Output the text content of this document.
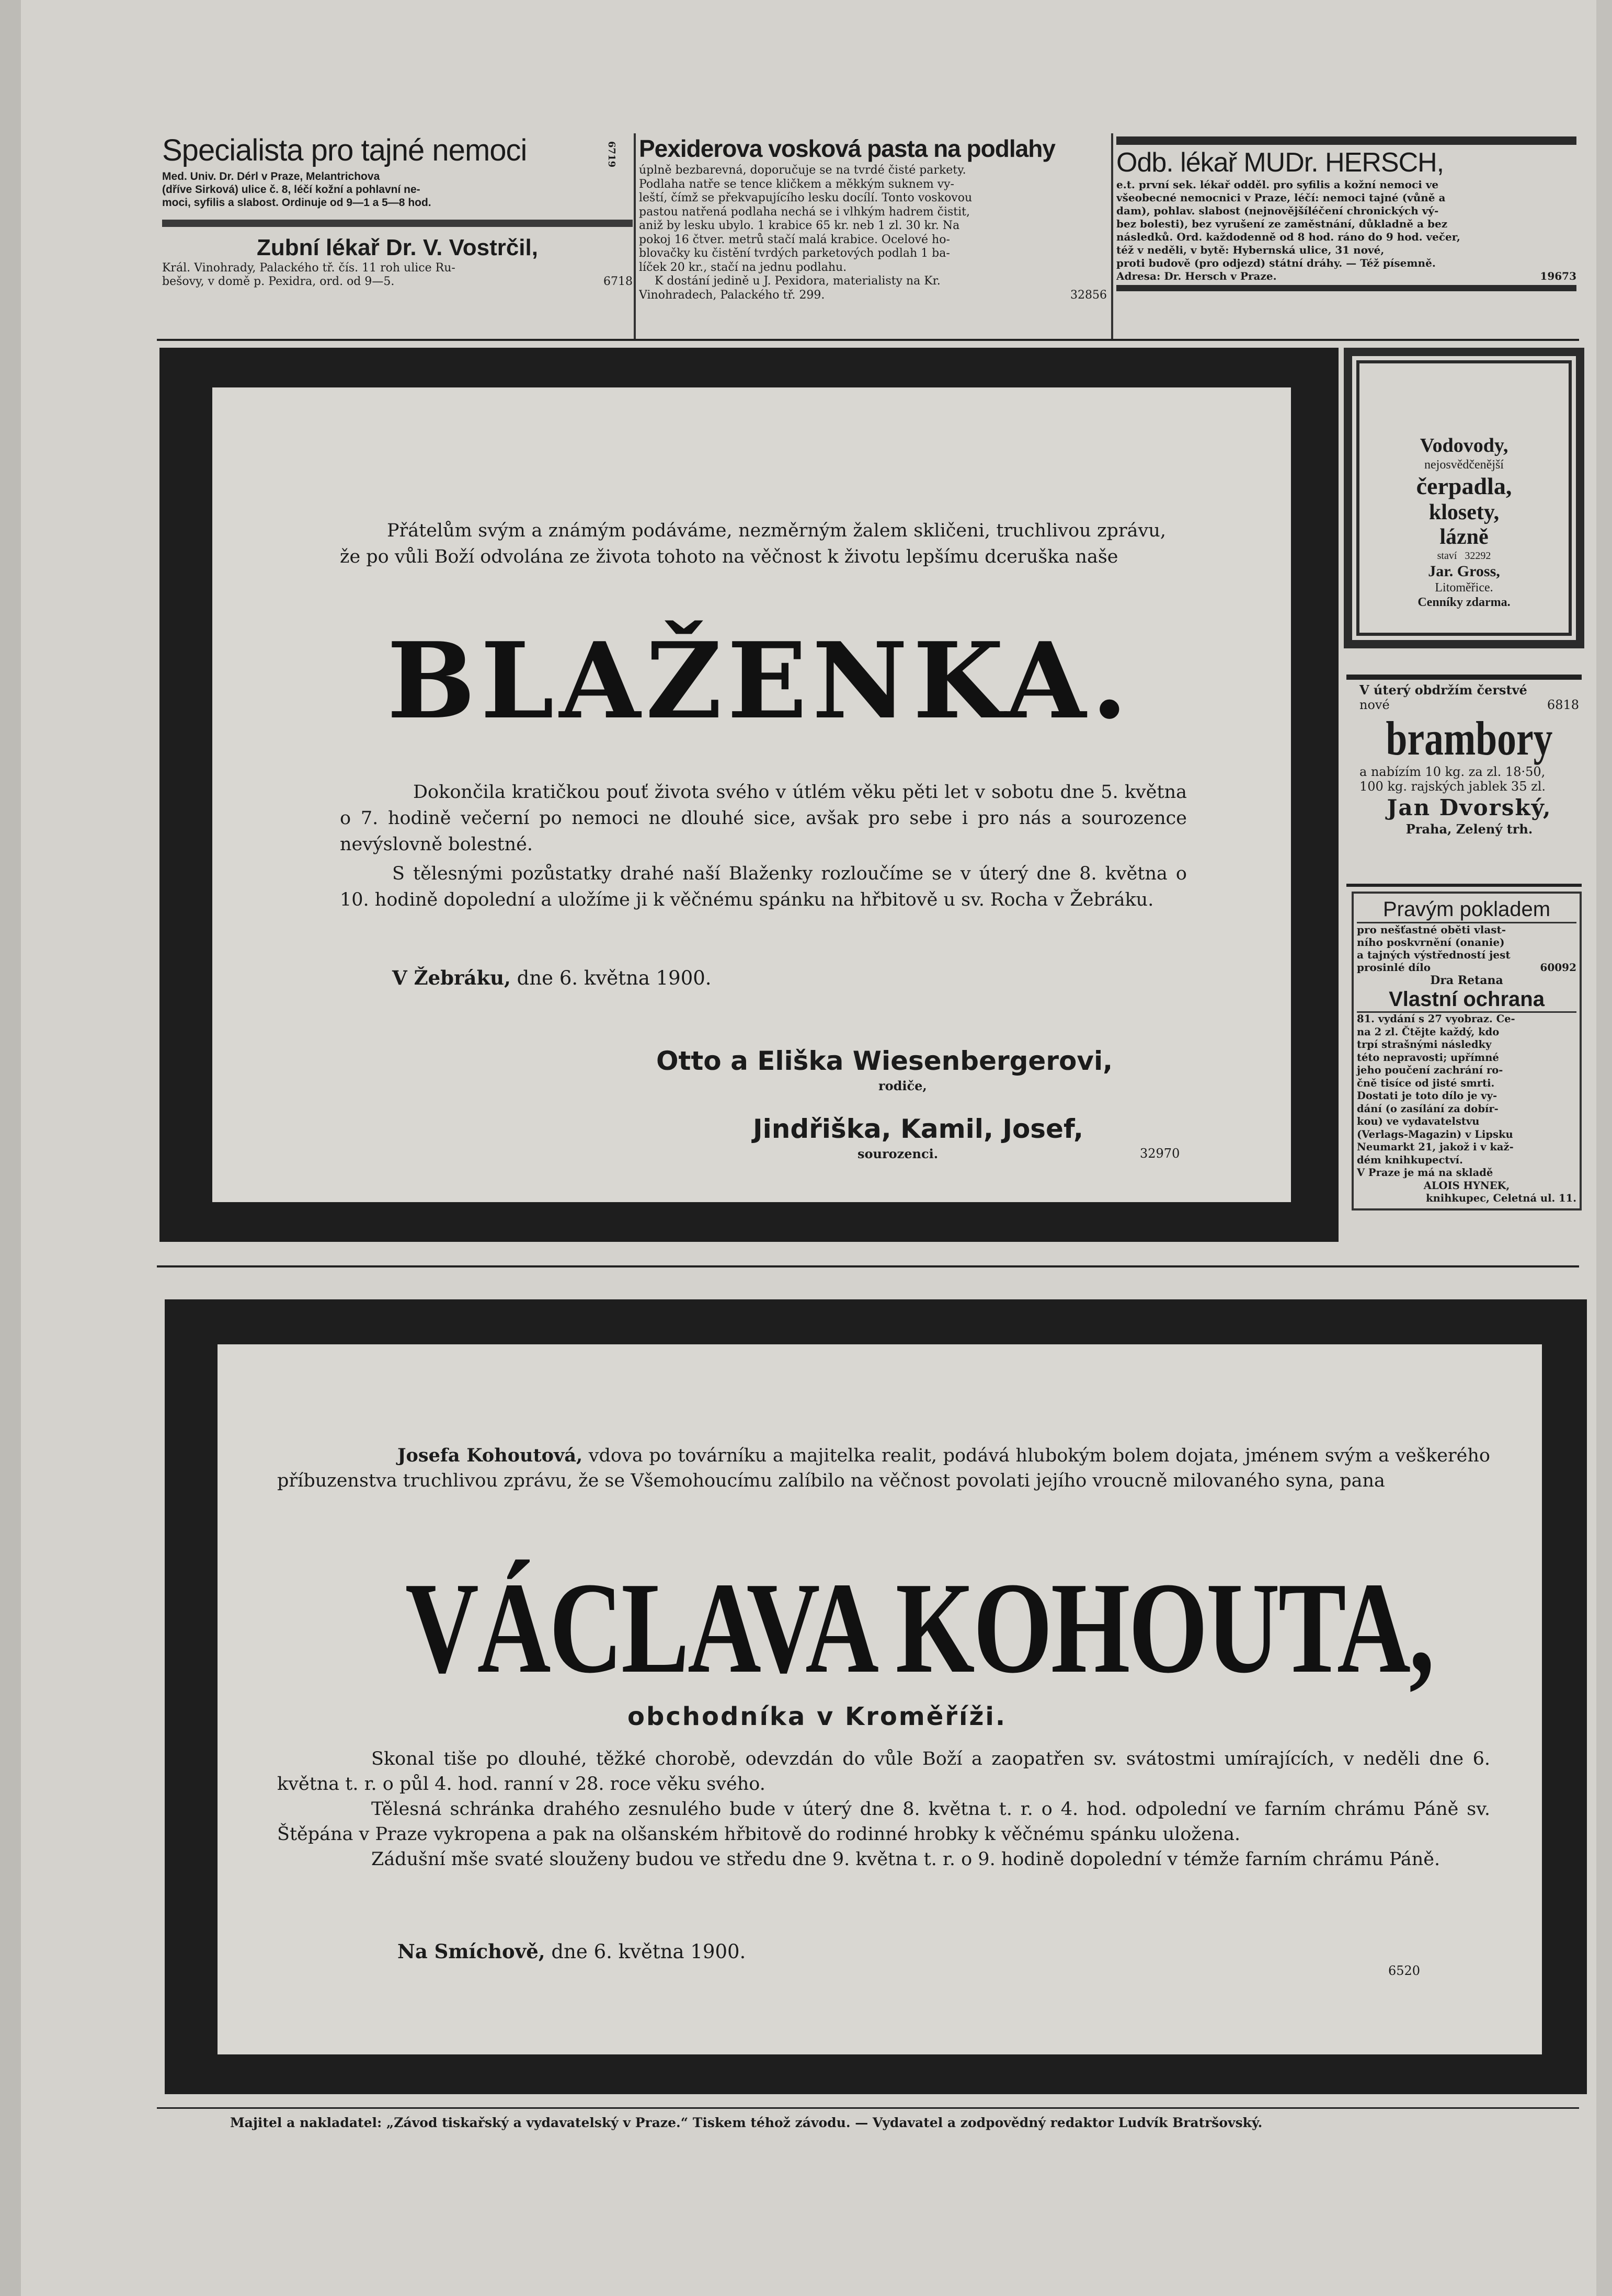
Specialista pro tajné nemoci
Med. Univ. Dr. Dérl v Praze, Melantrichova
(dříve Sirková) ulice č. 8, léčí kožní a pohlavní ne-
moci, syfilis a slabost. Ordinuje od 9—1 a 5—8 hod.
Zubní lékař Dr. V. Vostrčil,
Král. Vinohrady, Palackého tř. čís. 11 roh ulice Ru-
bešovy, v domě p. Pexidra, ord. od 9—5.	6718
6719 Pexiderova vosková pasta na podlahy
úplně bezbarevná, doporučuje se na tvrdé čisté parkety.
Podlaha natře se tence kličkem a měkkým suknem vy-
leští, čímž se překvapujícího lesku docílí. Tonto voskovou
pastou natřená podlaha nechá se i vlhkým hadrem čistit,
aniž by lesku ubylo. 1 krabice 65 kr. neb 1 zl. 30 kr. Na
pokoj 16 čtver. metrů stačí malá krabice. Ocelové ho-
blovačky ku čistění tvrdých parketových podlah 1 ba-
líček 20 kr., stačí na jednu podlahu.
K dostání jedině u J. Pexidora, materialisty na Kr.
Vinohradech, Palackého tř. 299.	32856
Odb. lékař MUDr. HERSCH,
e.t. první sek. lékař odděl. pro syfilis a kožní nemoci ve
všeobecné nemocnici v Praze, léčí: nemoci tajné (vůně a
dam), pohlav. slabost (nejnovějšíléčení chronických vý-
bez bolesti), bez vyrušení ze zaměstnání, důkladně a bez
následků. Ord. každodenně od 8 hod. ráno do 9 hod. večer,
též v neděli, v bytě: Hybernská ulice, 31 nové,
proti budově (pro odjezd) státní dráhy. — Též písemně.
Adresa: Dr. Hersch v Praze.	19673
Přátelům svým a známým podáváme, nezměrným žalem skličeni, truchlivou zprávu, že po vůli Boží odvolána ze života tohoto na věčnost k životu lepšímu dceruška naše
BLAŽENKA.

Dokončila kratičkou pouť života svého v útlém věku pěti let v sobotu dne 5. května o 7. hodině večerní po nemoci ne dlouhé sice, avšak pro sebe i pro nás a sourozence nevýslovně bolestné.

S tělesnými pozůstatky drahé naší Blaženky rozloučíme se v úterý dne 8. května o 10. hodině dopolední a uložíme ji k věčnému spánku na hřbitově u sv. Rocha v Žebráku.

V Žebráku, dne 6. května 1900.
Otto a Eliška Wiesenbergerovi,
rodiče,
Jindřiška, Kamil, Josef,
sourozenci.	32970
Vodovody,
nejosvědčenější
čerpadla,
klosety,
lázně
staví 32292
Jar. Gross,
Litoměřice.
Cenníky zdarma.
V úterý obdržím čerstvé
nové	6818
brambory
a nabízím 10 kg. za zl. 18·50,
100 kg. rajských jablek 35 zl.
Jan Dvorský,
Praha, Zelený trh.
Pravým pokladem
pro nešťastné oběti vlast-
ního poskvrnění (onanie)
a tajných výstředností jest
prosinlé dílo	60092
Dra Retana
Vlastní ochrana
81. vydání s 27 vyobraz. Ce-
na 2 zl. Čtějte každý, kdo
trpí strašnými následky
této nepravosti; upřímné
jeho poučení zachrání ro-
čně tisíce od jisté smrti.
Dostati je toto dílo je vy-
dání (o zasílání za dobír-
kou) ve vydavatelstvu
(Verlags-Magazin) v Lipsku
Neumarkt 21, jakož i v kaž-
dém knihkupectví.
V Praze je má na skladě
ALOIS HYNEK,
knihkupec, Celetná ul. 11.
Josefa Kohoutová, vdova po továrníku a majitelka realit, podává hlubokým bolem dojata, jménem svým a veškerého příbuzenstva truchlivou zprávu, že se Všemohoucímu zalíbilo na věčnost povolati jejího vroucně milovaného syna, pana
VÁCLAVA KOHOUTA,
obchodníka v Kroměříži.

Skonal tiše po dlouhé, těžké chorobě, odevzdán do vůle Boží a zaopatřen sv. svátostmi umírajících, v neděli dne 6. května t. r. o půl 4. hod. ranní v 28. roce věku svého.

Tělesná schránka drahého zesnulého bude v úterý dne 8. května t. r. o 4. hod. odpolední ve farním chrámu Páně sv. Štěpána v Praze vykropena a pak na olšanském hřbitově do rodinné hrobky k věčnému spánku uložena.

Zádušní mše svaté slouženy budou ve středu dne 9. května t. r. o 9. hodině dopolední v témže farním chrámu Páně.

Na Smíchově, dne 6. května 1900.
6520
Majitel a nakladatel: „Závod tiskařský a vydavatelský v Praze.“ Tiskem téhož závodu. — Vydavatel a zodpovědný redaktor Ludvík Bratršovský.
